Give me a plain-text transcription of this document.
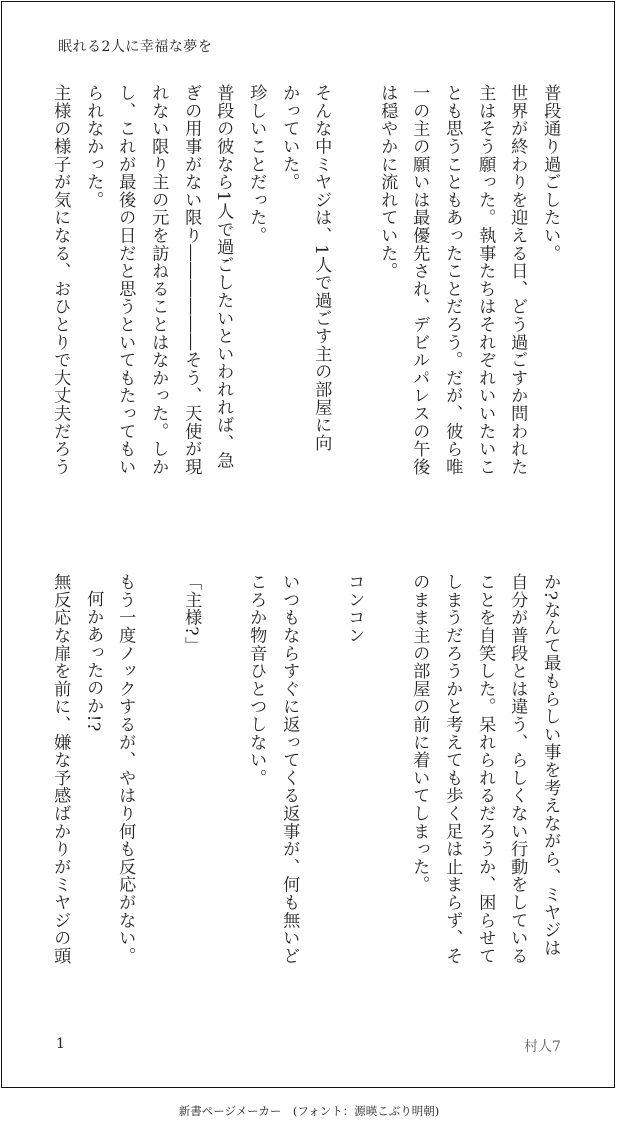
眠れる2人に幸福な夢を
普段通り過ごしたい。
世界が終わりを迎える日、どう過ごすか問われた
主はそう願った。執事たちはそれぞれいいたいこ
とも思うこともあったことだろう。だが、彼ら唯
一の主の願いは最優先され、デビルパレスの午後
は穏やかに流れていた。
そんな中ミヤジは、1人で過ごす主の部屋に向
かっていた。
珍しいことだった。
普段の彼なら1人で過ごしたいといわれれば、急
ぎの用事がない限り――――――そう、天使が現
れない限り主の元を訪ねることはなかった。しか
し、これが最後の日だと思うといてもたってもい
られなかった。
主様の様子が気になる、おひとりで大丈夫だろう
か?なんて最もらしい事を考えながら、ミヤジは
自分が普段とは違う、らしくない行動をしている
ことを自笑した。呆れられるだろうか、困らせて
しまうだろうかと考えても歩く足は止まらず、そ
のまま主の部屋の前に着いてしまった。
コンコン
いつもならすぐに返ってくる返事が、何も無いど
ころか物音ひとつしない。
「主様?」
もう一度ノックするが、やはり何も反応がない。
何かあったのか!?
無反応な扉を前に、嫌な予感ばかりがミヤジの頭
1	村人7
新書ページメーカー　(フォント：源暎こぶり明朝)
